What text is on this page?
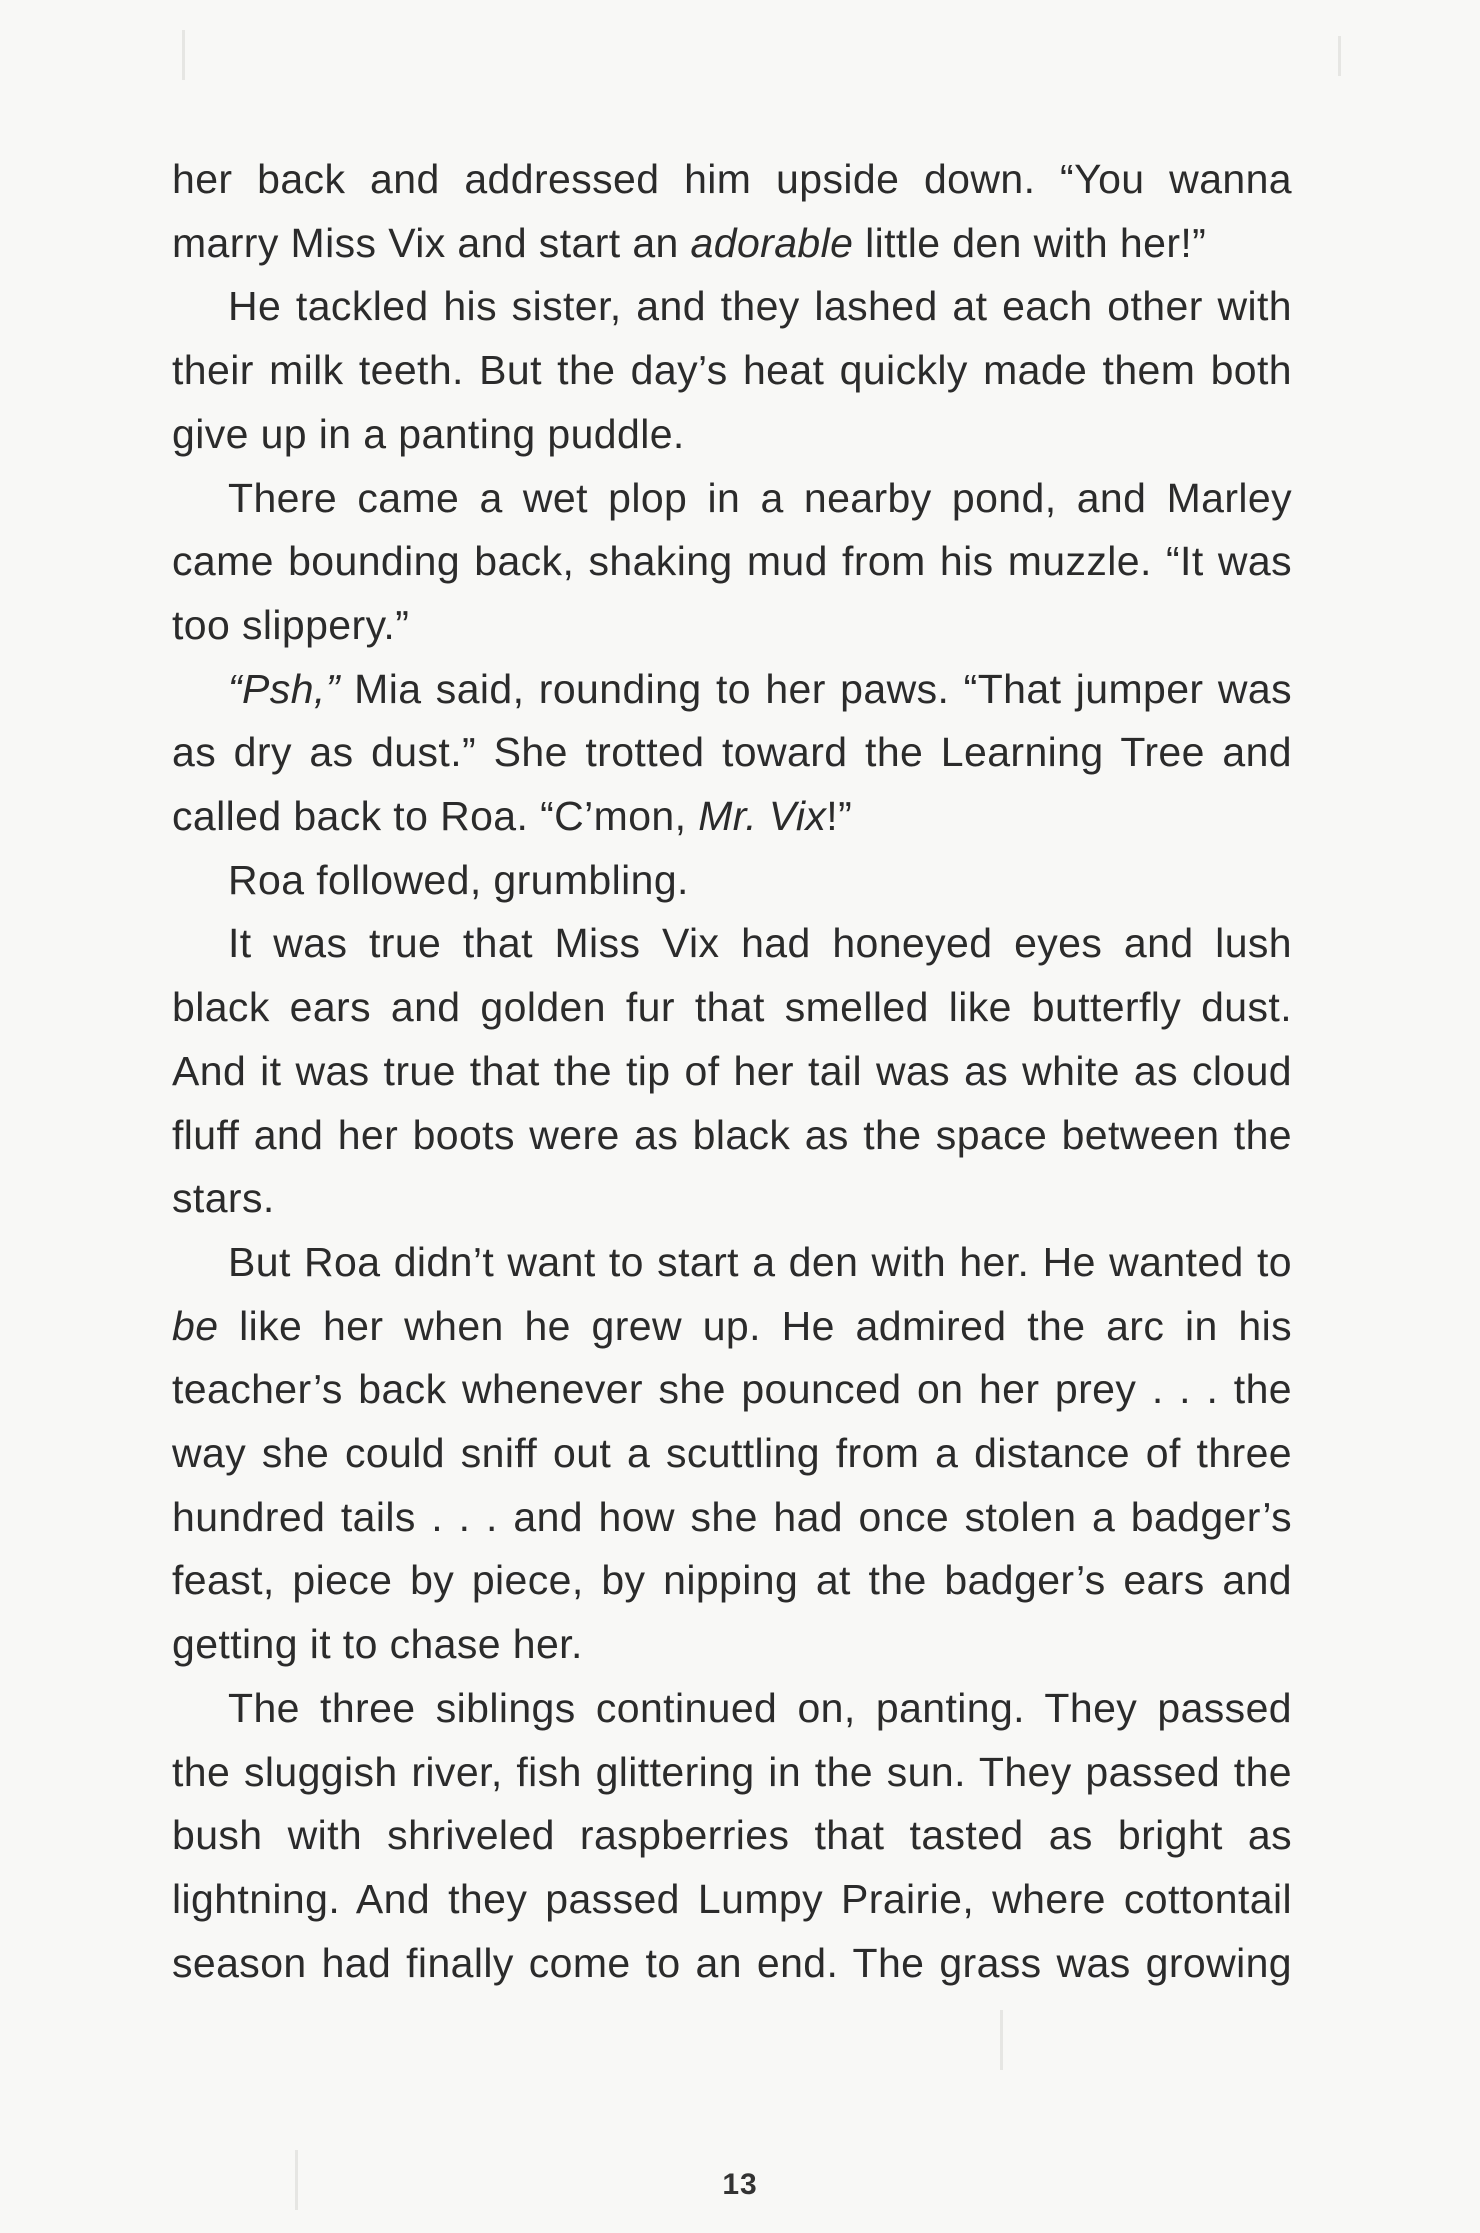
her back and addressed him upside down. “You wanna marry Miss Vix and start an adorable little den with her!”

He tackled his sister, and they lashed at each other with their milk teeth. But the day’s heat quickly made them both give up in a panting puddle.

There came a wet plop in a nearby pond, and Marley came bounding back, shaking mud from his muzzle. “It was too slippery.”

“Psh,” Mia said, rounding to her paws. “That jumper was as dry as dust.” She trotted toward the Learning Tree and called back to Roa. “C’mon, Mr. Vix!”

Roa followed, grumbling.

It was true that Miss Vix had honeyed eyes and lush black ears and golden fur that smelled like butterfly dust. And it was true that the tip of her tail was as white as cloud fluff and her boots were as black as the space between the stars.

But Roa didn’t want to start a den with her. He wanted to be like her when he grew up. He admired the arc in his teacher’s back whenever she pounced on her prey . . . the way she could sniff out a scuttling from a distance of three hundred tails . . . and how she had once stolen a badger’s feast, piece by piece, by nipping at the badger’s ears and getting it to chase her.

The three siblings continued on, panting. They passed the sluggish river, fish glittering in the sun. They passed the bush with shriveled raspberries that tasted as bright as lightning. And they passed Lumpy Prairie, where cottontail season had finally come to an end. The grass was growing

13
